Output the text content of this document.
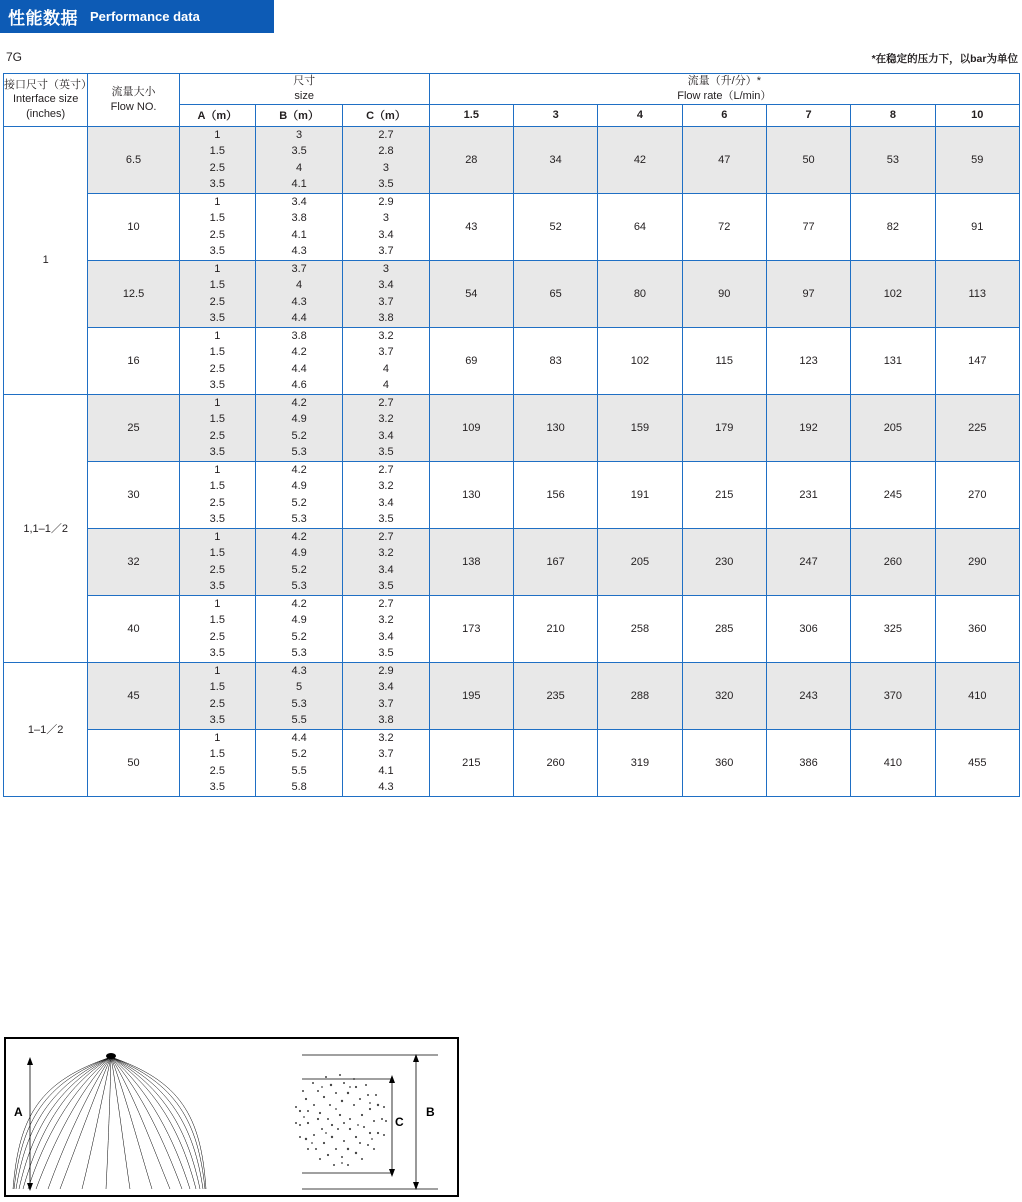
性能数据 Performance data
7G	*在稳定的压力下，以bar为单位
接口尺寸（英寸）
Interface size (inches)	流量大小
Flow NO.	尺寸
size			流量（升/分）*
Flow rate（L/min）						

		A（m）	B（m）	C（m）	1.5	3	4	6	7	8	10
1	6.5	1
1.5
2.5
3.5	3
3.5
4
4.1	2.7
2.8
3
3.5	28	34	42	47	50	53	59
	10	1
1.5
2.5
3.5	3.4
3.8
4.1
4.3	2.9
3
3.4
3.7	43	52	64	72	77	82	91
	12.5	1
1.5
2.5
3.5	3.7
4
4.3
4.4	3
3.4
3.7
3.8	54	65	80	90	97	102	113
	16	1
1.5
2.5
3.5	3.8
4.2
4.4
4.6	3.2
3.7
4
4	69	83	102	115	123	131	147
1,1–1／2	25	1
1.5
2.5
3.5	4.2
4.9
5.2
5.3	2.7
3.2
3.4
3.5	109	130	159	179	192	205	225
	30	1
1.5
2.5
3.5	4.2
4.9
5.2
5.3	2.7
3.2
3.4
3.5	130	156	191	215	231	245	270
	32	1
1.5
2.5
3.5	4.2
4.9
5.2
5.3	2.7
3.2
3.4
3.5	138	167	205	230	247	260	290
	40	1
1.5
2.5
3.5	4.2
4.9
5.2
5.3	2.7
3.2
3.4
3.5	173	210	258	285	306	325	360
1–1／2	45	1
1.5
2.5
3.5	4.3
5
5.3
5.5	2.9
3.4
3.7
3.8	195	235	288	320	243	370	410
	50	1
1.5
2.5
3.5	4.4
5.2
5.5
5.8	3.2
3.7
4.1
4.3	215	260	319	360	386	410	455
A	B
C
